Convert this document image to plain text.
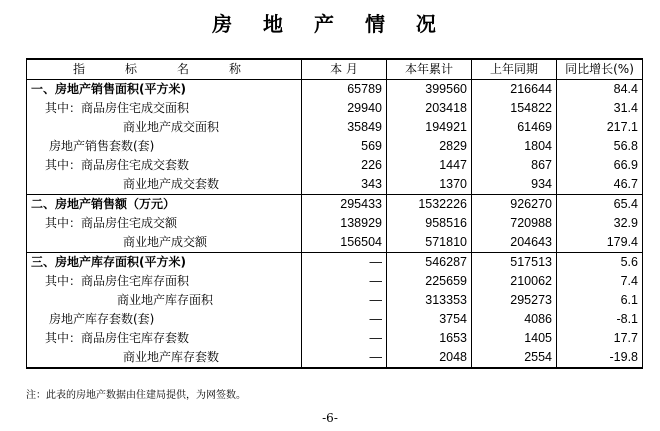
房 地 产 情 况
指　标　名　称	本 月	本年累计	上年同期	同比增长(%)
一、房地产销售面积(平方米)	65789	399560	216644	84.4
其中：商品房住宅成交面积	29940	203418	154822	31.4
商业地产成交面积	35849	194921	61469	217.1
房地产销售套数(套)	569	2829	1804	56.8
其中：商品房住宅成交套数	226	1447	867	66.9
商业地产成交套数	343	1370	934	46.7
二、房地产销售额（万元）	295433	1532226	926270	65.4
其中：商品房住宅成交额	138929	958516	720988	32.9
商业地产成交额	156504	571810	204643	179.4
三、房地产库存面积(平方米)	—	546287	517513	5.6
其中：商品房住宅库存面积	—	225659	210062	7.4
商业地产库存面积	—	313353	295273	6.1
房地产库存套数(套)	—	3754	4086	-8.1
其中：商品房住宅库存套数	—	1653	1405	17.7
商业地产库存套数	—	2048	2554	-19.8
注：此表的房地产数据由住建局提供，为网签数。
-6-
